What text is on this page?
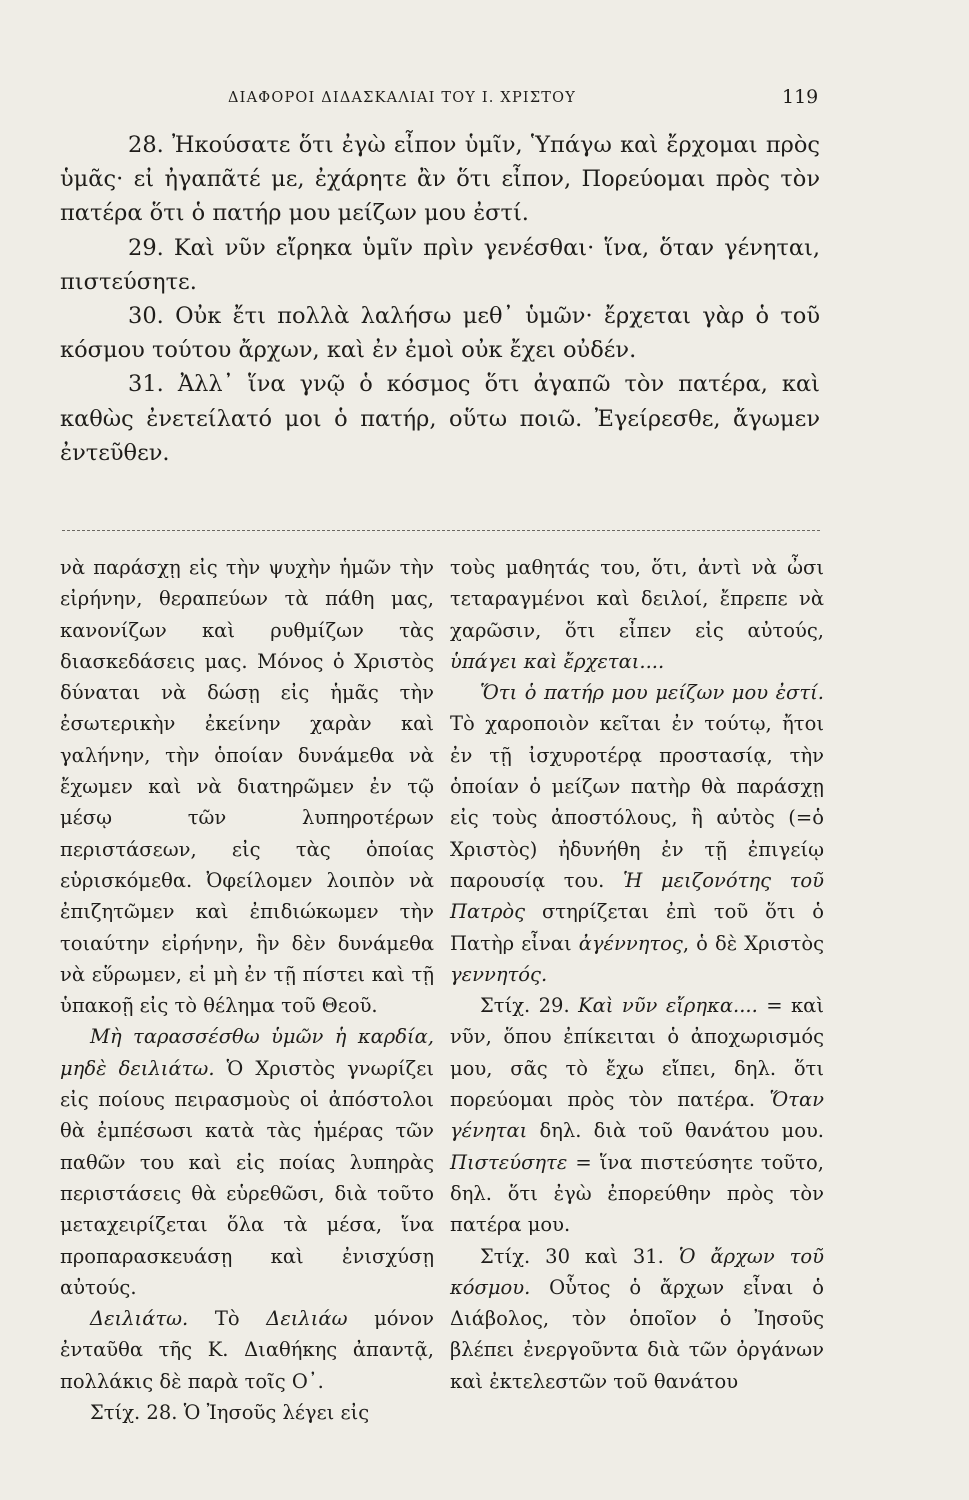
ΔΙΑΦΟΡΟΙ ΔΙΔΑΣΚΑΛΙΑΙ ΤΟΥ Ι. ΧΡΙΣΤΟΥ	119

28. Ἠκούσατε ὅτι ἐγὼ εἶπον ὑμῖν, Ὑπάγω καὶ ἔρχομαι πρὸς ὑμᾶς· εἰ ἠγαπᾶτέ με, ἐχάρητε ἂν ὅτι εἶπον, Πορεύομαι πρὸς τὸν πατέρα ὅτι ὁ πατήρ μου μείζων μου ἐστί.

29. Καὶ νῦν εἴρηκα ὑμῖν πρὶν γενέσθαι· ἵνα, ὅταν γένηται, πιστεύσητε.

30. Οὐκ ἔτι πολλὰ λαλήσω μεθ᾽ ὑμῶν· ἔρχεται γὰρ ὁ τοῦ κόσμου τούτου ἄρχων, καὶ ἐν ἐμοὶ οὐκ ἔχει οὐδέν.

31. Ἀλλ᾽ ἵνα γνῷ ὁ κόσμος ὅτι ἀγαπῶ τὸν πατέρα, καὶ καθὼς ἐνετείλατό μοι ὁ πατήρ, οὕτω ποιῶ. Ἐγείρεσθε, ἄγωμεν ἐντεῦθεν.

νὰ παράσχῃ εἰς τὴν ψυχὴν ἡμῶν τὴν εἰρήνην, θεραπεύων τὰ πάθη μας, κανονίζων καὶ ρυθμίζων τὰς διασκεδάσεις μας. Μόνος ὁ Χριστὸς δύναται νὰ δώσῃ εἰς ἡμᾶς τὴν ἐσωτερικὴν ἐκείνην χαρὰν καὶ γαλήνην, τὴν ὁποίαν δυνάμεθα νὰ ἔχωμεν καὶ νὰ διατηρῶμεν ἐν τῷ μέσῳ τῶν λυπηροτέρων περιστάσεων, εἰς τὰς ὁποίας εὑρισκόμεθα. Ὀφείλομεν λοιπὸν νὰ ἐπιζητῶμεν καὶ ἐπιδιώκωμεν τὴν τοιαύτην εἰρήνην, ἣν δὲν δυνάμεθα νὰ εὕρωμεν, εἰ μὴ ἐν τῇ πίστει καὶ τῇ ὑπακοῇ εἰς τὸ θέλημα τοῦ Θεοῦ.

Μὴ ταρασσέσθω ὑμῶν ἡ καρδία, μηδὲ δειλιάτω. Ὁ Χριστὸς γνωρίζει εἰς ποίους πειρασμοὺς οἱ ἀπόστολοι θὰ ἐμπέσωσι κατὰ τὰς ἡμέρας τῶν παθῶν του καὶ εἰς ποίας λυπηρὰς περιστάσεις θὰ εὑρεθῶσι, διὰ τοῦτο μεταχειρίζεται ὅλα τὰ μέσα, ἵνα προπαρασκευάσῃ καὶ ἐνισχύσῃ αὐτούς.

Δειλιάτω. Τὸ Δειλιάω μόνον ἐνταῦθα τῆς Κ. Διαθήκης ἀπαντᾷ, πολλάκις δὲ παρὰ τοῖς Ο᾽.

Στίχ. 28. Ὁ Ἰησοῦς λέγει εἰς

τοὺς μαθητάς του, ὅτι, ἀντὶ νὰ ὦσι τεταραγμένοι καὶ δειλοί, ἔπρεπε νὰ χαρῶσιν, ὅτι εἶπεν εἰς αὐτούς, ὑπάγει καὶ ἔρχεται....

Ὅτι ὁ πατήρ μου μείζων μου ἐστί. Τὸ χαροποιὸν κεῖται ἐν τούτῳ, ἤτοι ἐν τῇ ἰσχυροτέρᾳ προστασίᾳ, τὴν ὁποίαν ὁ μείζων πατὴρ θὰ παράσχῃ εἰς τοὺς ἀποστόλους, ἢ αὐτὸς (=ὁ Χριστὸς) ἠδυνήθη ἐν τῇ ἐπιγείῳ παρουσίᾳ του. Ἡ μειζονότης τοῦ Πατρὸς στηρίζεται ἐπὶ τοῦ ὅτι ὁ Πατὴρ εἶναι ἀγέννητος, ὁ δὲ Χριστὸς γεννητός.

Στίχ. 29. Καὶ νῦν εἴρηκα.... = καὶ νῦν, ὅπου ἐπίκειται ὁ ἀποχωρισμός μου, σᾶς τὸ ἔχω εἴπει, δηλ. ὅτι πορεύομαι πρὸς τὸν πατέρα. Ὅταν γένηται δηλ. διὰ τοῦ θανάτου μου. Πιστεύσητε = ἵνα πιστεύσητε τοῦτο, δηλ. ὅτι ἐγὼ ἐπορεύθην πρὸς τὸν πατέρα μου.

Στίχ. 30 καὶ 31. Ὁ ἄρχων τοῦ κόσμου. Οὗτος ὁ ἄρχων εἶναι ὁ Διάβολος, τὸν ὁποῖον ὁ Ἰησοῦς βλέπει ἐνεργοῦντα διὰ τῶν ὀργάνων καὶ ἐκτελεστῶν τοῦ θανάτου
